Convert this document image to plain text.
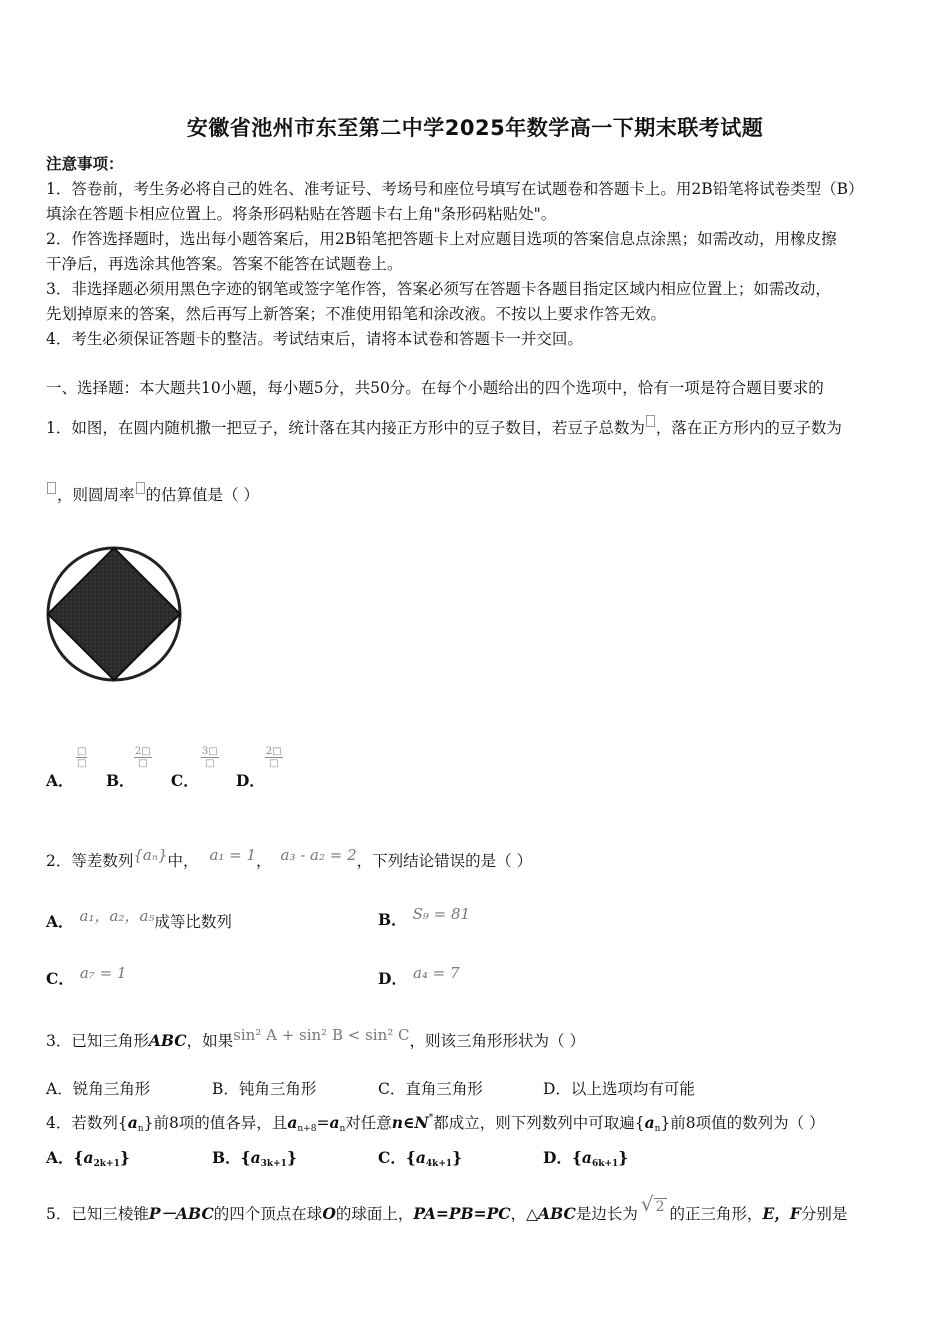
安徽省池州市东至第二中学2025年数学高一下期末联考试题
注意事项：
1．答卷前，考生务必将自己的姓名、准考证号、考场号和座位号填写在试题卷和答题卡上。用2B铅笔将试卷类型（B）
填涂在答题卡相应位置上。将条形码粘贴在答题卡右上角"条形码粘贴处"。
2．作答选择题时，选出每小题答案后，用2B铅笔把答题卡上对应题目选项的答案信息点涂黑；如需改动，用橡皮擦
干净后，再选涂其他答案。答案不能答在试题卷上。
3．非选择题必须用黑色字迹的钢笔或签字笔作答，答案必须写在答题卡各题目指定区域内相应位置上；如需改动，
先划掉原来的答案，然后再写上新答案；不准使用铅笔和涂改液。不按以上要求作答无效。
4．考生必须保证答题卡的整洁。考试结束后，请将本试卷和答题卡一并交回。
一、选择题：本大题共10小题，每小题5分，共50分。在每个小题给出的四个选项中，恰有一项是符合题目要求的
1．如图，在圆内随机撒一把豆子，统计落在其内接正方形中的豆子数目，若豆子总数为 ，落在正方形内的豆子数为
，则圆周率 的估算值是（ ）
A．
□
□

B．
2□
□

C．
3□
□

D．
2□
□
2．等差数列{aₙ}中， a₁ = 1， a₃ - a₂ = 2，下列结论错误的是（ ）
A． a₁，a₂，a₅成等比数列	B． S₉ = 81
C． a₇ = 1	D． a₄ = 7
3．已知三角形ABC，如果sin² A + sin² B < sin² C，则该三角形形状为（ ）
A．锐角三角形	B．钝角三角形	C．直角三角形	D．以上选项均有可能
4．若数列$\{a_n\}$前8项的值各异，且$a_{n+8}=a_n$对任意n∈N*都成立，则下列数列中可取遍$\{a_n\}$前8项值的数列为（ ）
A．$\{a_{2k+1}\}$	B．$\{a_{3k+1}\}$	C．$\{a_{4k+1}\}$	D．$\{a_{6k+1}\}$
5．已知三棱锥P－ABC的四个顶点在球O的球面上，PA=PB=PC，△ABC是边长为 √ 2 的正三角形，E，F分别是
